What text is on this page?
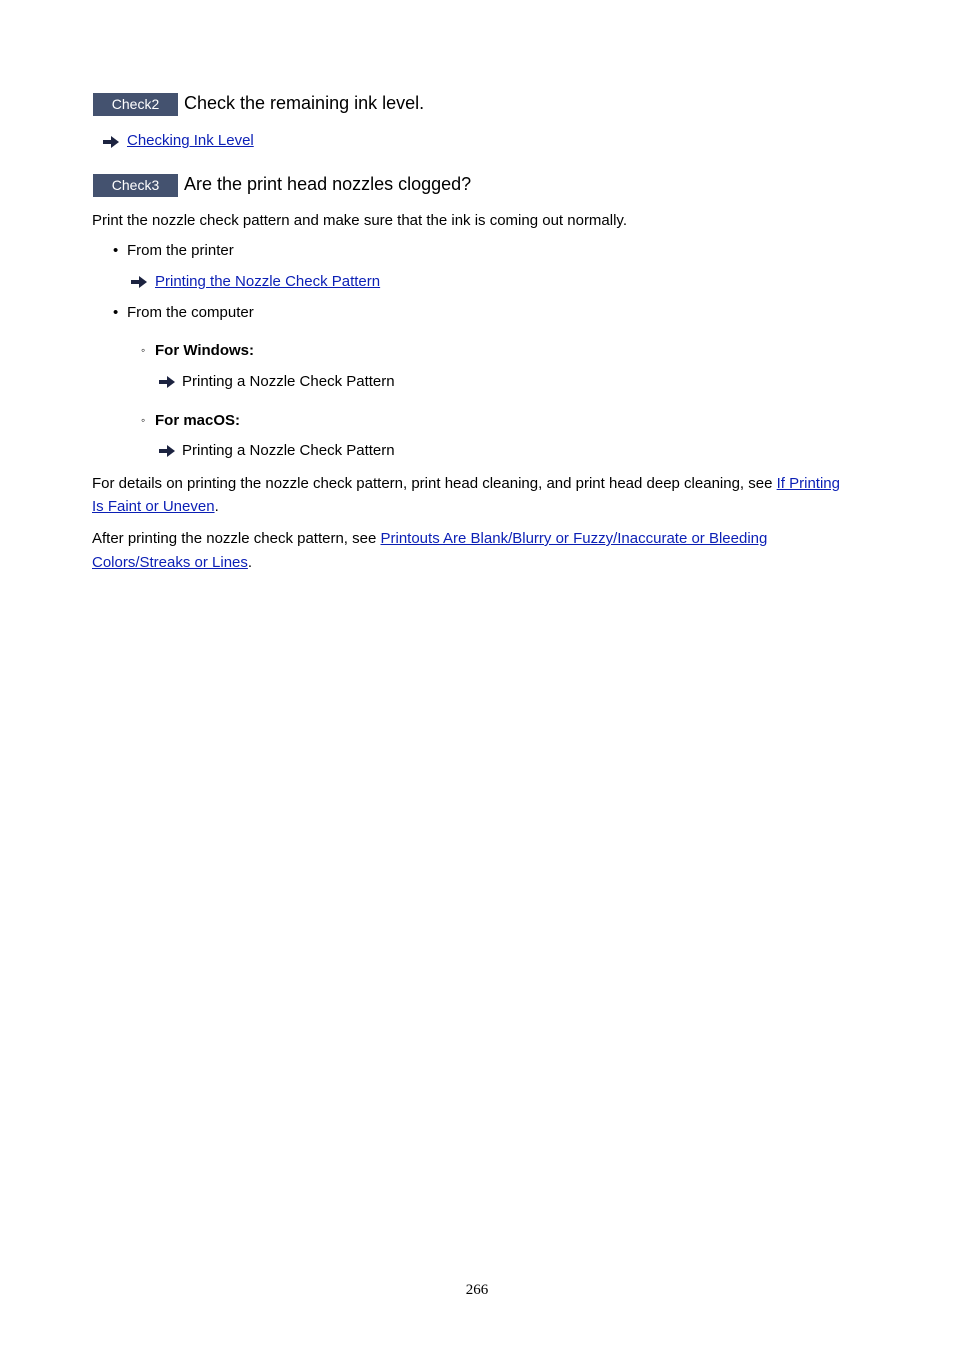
Check2	Check the remaining ink level.
Checking Ink Level
Check3	Are the print head nozzles clogged?
Print the nozzle check pattern and make sure that the ink is coming out normally.
• From the printer
Printing the Nozzle Check Pattern
• From the computer
◦ For Windows:
Printing a Nozzle Check Pattern
◦ For macOS:
Printing a Nozzle Check Pattern
For details on printing the nozzle check pattern, print head cleaning, and print head deep cleaning, see If Printing
Is Faint or Uneven.
After printing the nozzle check pattern, see Printouts Are Blank/Blurry or Fuzzy/Inaccurate or Bleeding
Colors/Streaks or Lines.
266
